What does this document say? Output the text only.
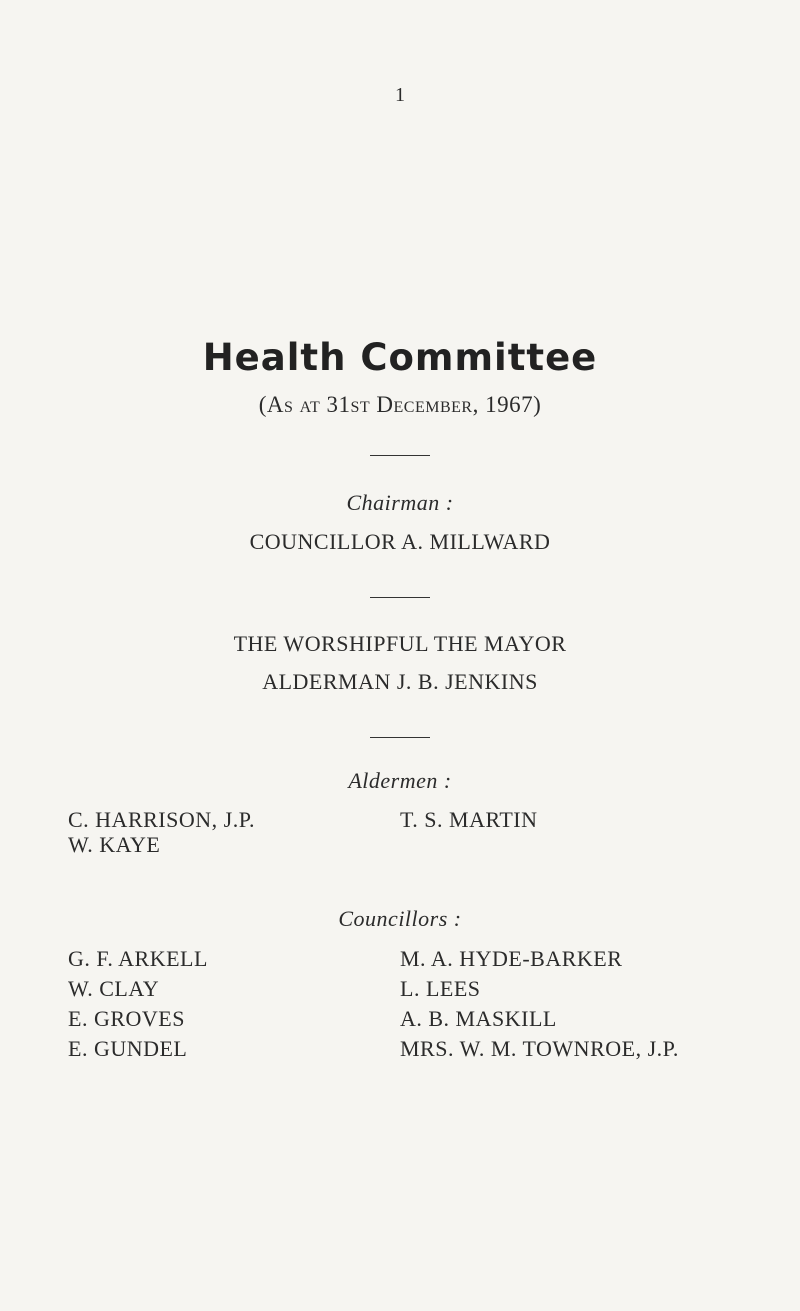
1
Health Committee
(As at 31st December, 1967)
Chairman :
COUNCILLOR A. MILLWARD
THE WORSHIPFUL THE MAYOR
ALDERMAN J. B. JENKINS
Aldermen :
C. HARRISON, J.P.
W. KAYE
T. S. MARTIN
Councillors :
G. F. ARKELL
W. CLAY
E. GROVES
E. GUNDEL
M. A. HYDE-BARKER
L. LEES
A. B. MASKILL
MRS. W. M. TOWNROE, J.P.
